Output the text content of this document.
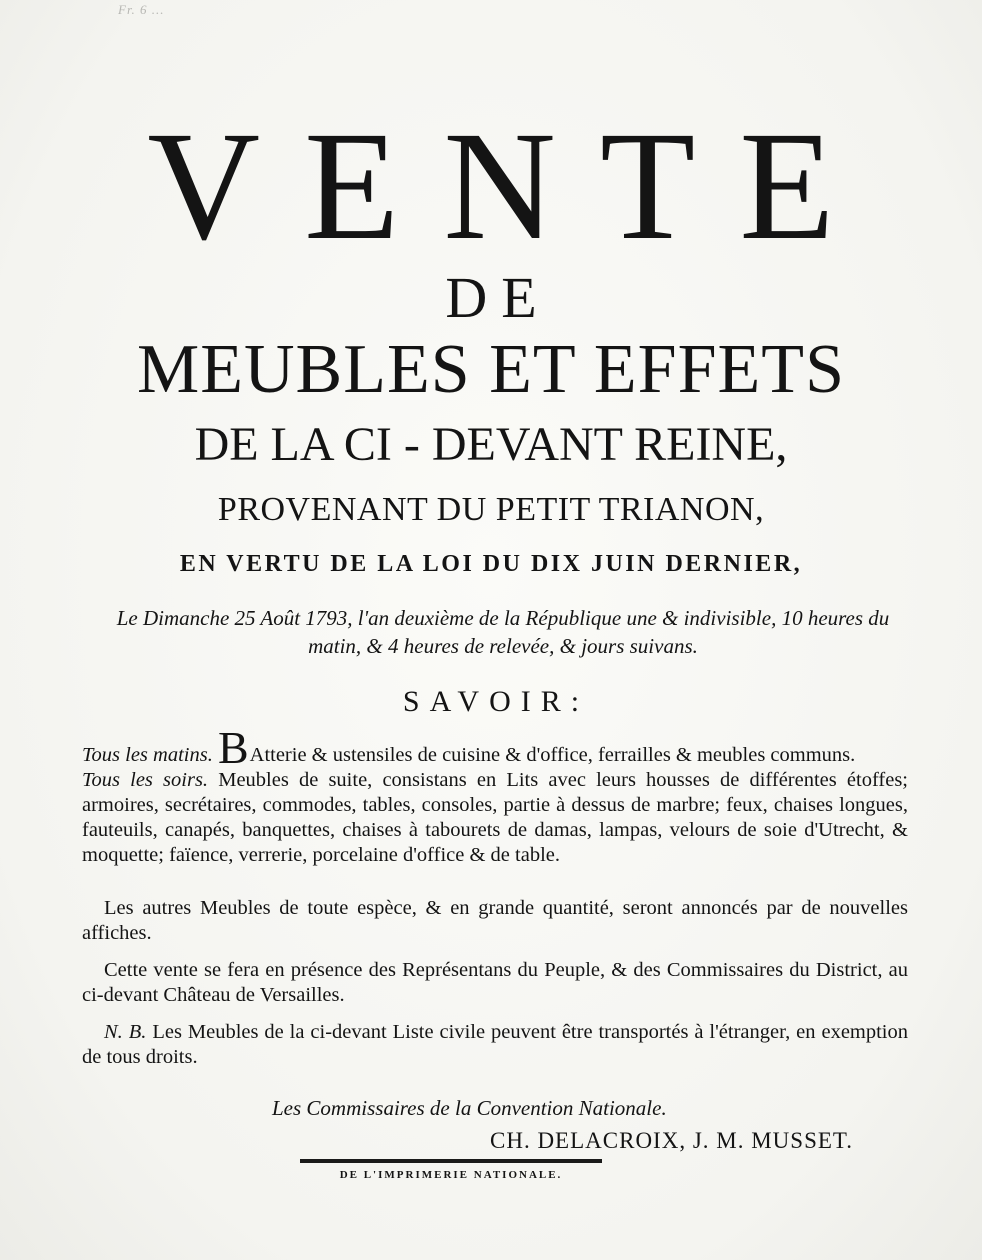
Fr. 6 ...
VENTE
DE
MEUBLES ET EFFETS
DE LA CI - DEVANT REINE,
PROVENANT DU PETIT TRIANON,
EN VERTU DE LA LOI DU DIX JUIN DERNIER,
Le Dimanche 25 Août 1793, l'an deuxième de la République une & indivisible, 10 heures du matin, & 4 heures de relevée, & jours suivans.
SAVOIR:

Tous les matins. BAtterie & ustensiles de cuisine & d'office, ferrailles & meubles communs.

Tous les soirs. Meubles de suite, consistans en Lits avec leurs housses de différentes étoffes; armoires, secrétaires, commodes, tables, consoles, partie à dessus de marbre; feux, chaises longues, fauteuils, canapés, banquettes, chaises à tabourets de damas, lampas, velours de soie d'Utrecht, & moquette; faïence, verrerie, porcelaine d'office & de table.

Les autres Meubles de toute espèce, & en grande quantité, seront annoncés par de nouvelles affiches.

Cette vente se fera en présence des Représentans du Peuple, & des Commissaires du District, au ci-devant Château de Versailles.

N. B. Les Meubles de la ci-devant Liste civile peuvent être transportés à l'étranger, en exemption de tous droits.

Les Commissaires de la Convention Nationale.
CH. DELACROIX, J. M. MUSSET.
DE L'IMPRIMERIE NATIONALE.
